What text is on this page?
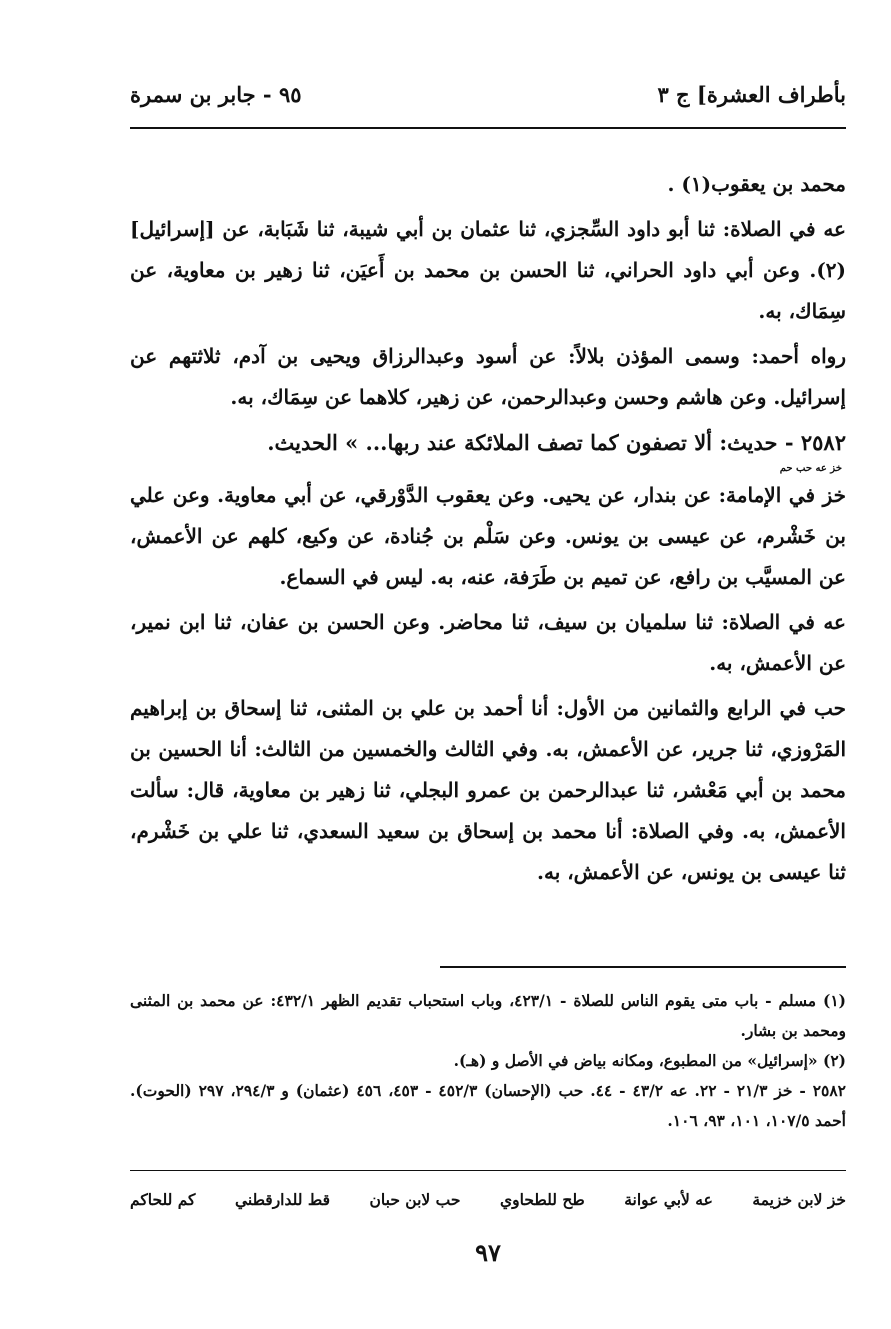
بأطراف العشرة] ج ٣
٩٥ - جابر بن سمرة

محمد بن يعقوب(١) .

عه في الصلاة: ثنا أبو داود السِّجزي، ثنا عثمان بن أبي شيبة، ثنا شَبَابة، عن [إسرائيل](٢). وعن أبي داود الحراني، ثنا الحسن بن محمد بن أَعيَن، ثنا زهير بن معاوية، عن سِمَاك، به.

رواه أحمد: وسمى المؤذن بلالاً: عن أسود وعبدالرزاق ويحيى بن آدم، ثلاثتهم عن إسرائيل. وعن هاشم وحسن وعبدالرحمن، عن زهير، كلاهما عن سِمَاك، به.

٢٥٨٢ - حديث: ألا تصفون كما تصف الملائكة عند ربها... » الحديث.

خز عه حب حم

خز في الإمامة: عن بندار، عن يحيى. وعن يعقوب الدَّوْرقي، عن أبي معاوية. وعن علي بن خَشْرم، عن عيسى بن يونس. وعن سَلْم بن جُنادة، عن وكيع، كلهم عن الأعمش، عن المسيَّب بن رافع، عن تميم بن طَرَفة، عنه، به. ليس في السماع.

عه في الصلاة: ثنا سلميان بن سيف، ثنا محاضر. وعن الحسن بن عفان، ثنا ابن نمير، عن الأعمش، به.

حب في الرابع والثمانين من الأول: أنا أحمد بن علي بن المثنى، ثنا إسحاق بن إبراهيم المَرْوزي، ثنا جرير، عن الأعمش، به. وفي الثالث والخمسين من الثالث: أنا الحسين بن محمد بن أبي مَعْشر، ثنا عبدالرحمن بن عمرو البجلي، ثنا زهير بن معاوية، قال: سألت الأعمش، به. وفي الصلاة: أنا محمد بن إسحاق بن سعيد السعدي، ثنا علي بن خَشْرم، ثنا عيسى بن يونس، عن الأعمش، به.

(١) مسلم - باب متى يقوم الناس للصلاة - ٤٢٣/١، وباب استحباب تقديم الظهر ٤٣٢/١: عن محمد بن المثنى ومحمد بن بشار.

(٢) «إسرائيل» من المطبوع، ومكانه بياض في الأصل و (هـ).

٢٥٨٢ - خز ٢١/٣ - ٢٢. عه ٤٣/٢ - ٤٤. حب (الإحسان) ٤٥٢/٣ - ٤٥٣، ٤٥٦ (عثمان) و ٢٩٤/٣، ٢٩٧ (الحوت). أحمد ١٠٧/٥، ١٠١، ٩٣، ١٠٦.

خز لابن خزيمة
عه لأبي عوانة
طح للطحاوي
حب لابن حبان
قط للدارقطني
كم للحاكم
٩٧
